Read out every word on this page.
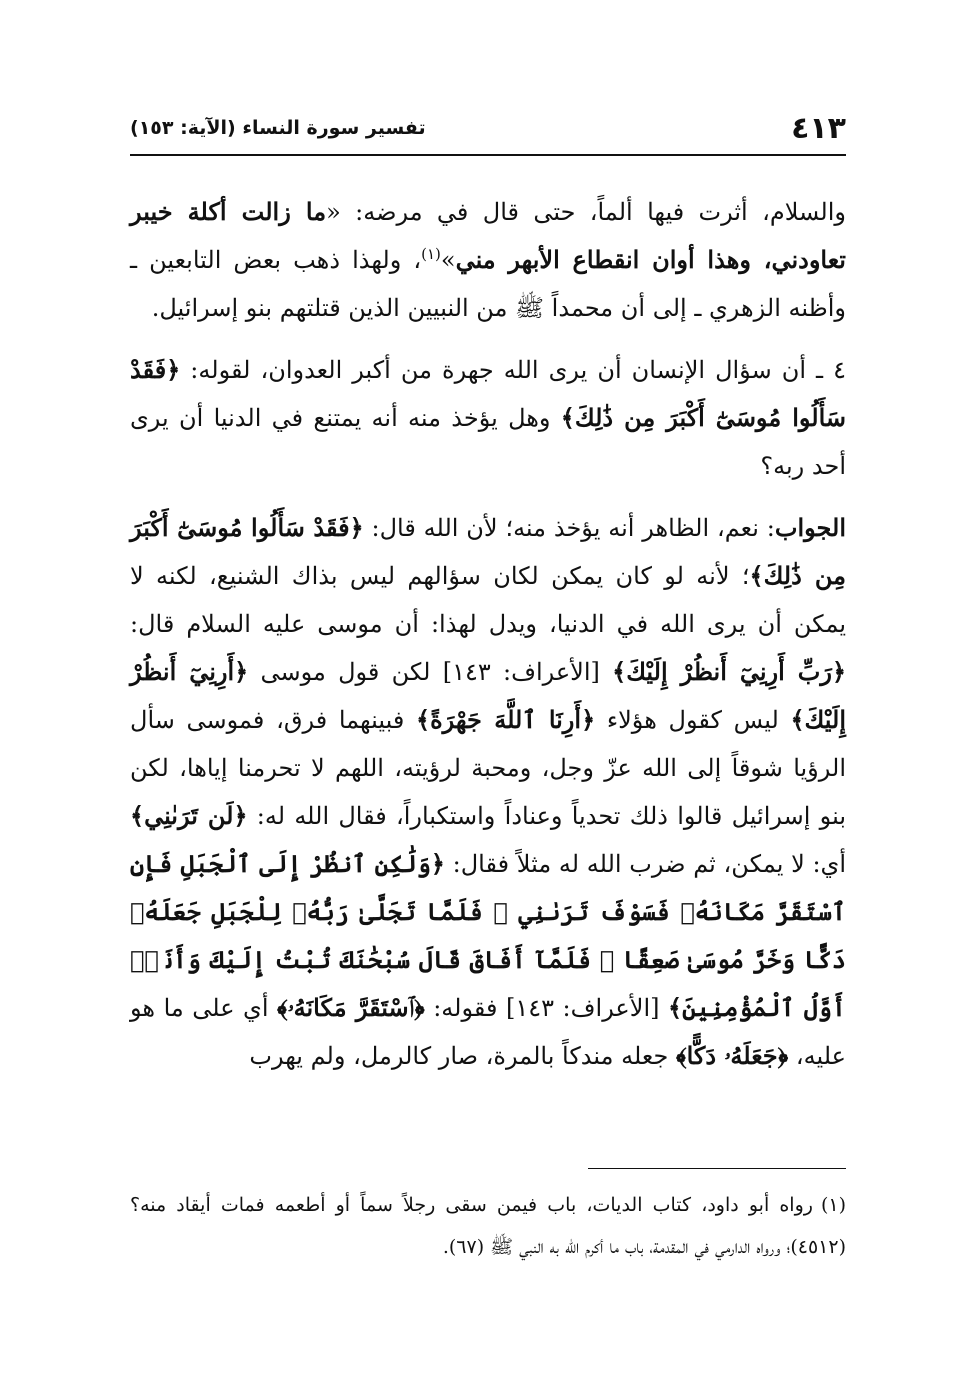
تفسير سورة النساء (الآية: ١٥٣)	٤١٣

والسلام، أثرت فيها ألماً، حتى قال في مرضه: «ما زالت أكلة خيبر تعاودني، وهذا أوان انقطاع الأبهر مني»$^{(١)}$، ولهذا ذهب بعض التابعين ـ وأظنه الزهري ـ إلى أن محمداً ﷺ من النبيين الذين قتلتهم بنو إسرائيل.

٤ ـ أن سؤال الإنسان أن يرى الله جهرة من أكبر العدوان، لقوله: ﴿فَقَدْ سَأَلُوا مُوسَىٰٓ أَكْبَرَ مِن ذَٰلِكَ﴾ وهل يؤخذ منه أنه يمتنع في الدنيا أن يرى أحد ربه؟

الجواب: نعم، الظاهر أنه يؤخذ منه؛ لأن الله قال: ﴿فَقَدْ سَأَلُوا مُوسَىٰٓ أَكْبَرَ مِن ذَٰلِكَ﴾؛ لأنه لو كان يمكن لكان سؤالهم ليس بذاك الشنيع، لكنه لا يمكن أن يرى الله في الدنيا، ويدل لهذا: أن موسى عليه السلام قال: ﴿رَبِّ أَرِنِيٓ أَنظُرْ إِلَيْكَ﴾ [الأعراف: ١٤٣] لكن قول موسى ﴿أَرِنِيٓ أَنظُرْ إِلَيْكَ﴾ ليس كقول هؤلاء ﴿أَرِنَا ٱللَّهَ جَهْرَةً﴾ فبينهما فرق، فموسى سأل الرؤيا شوقاً إلى الله عزّ وجل، ومحبة لرؤيته، اللهم لا تحرمنا إياها، لكن بنو إسرائيل قالوا ذلك تحدياً وعناداً واستكباراً، فقال الله له: ﴿لَن تَرَىٰنِي﴾ أي: لا يمكن، ثم ضرب الله له مثلاً فقال: ﴿وَلَٰكِنِ ٱنظُرْ إِلَى ٱلْجَبَلِ فَإِنِ ٱسْتَقَرَّ مَكَانَهُۥ فَسَوْفَ تَرَىٰنِي ۚ فَلَمَّا تَجَلَّىٰ رَبُّهُۥ لِلْجَبَلِ جَعَلَهُۥ دَكًّا وَخَرَّ مُوسَىٰ صَعِقًا ۚ فَلَمَّآ أَفَاقَ قَالَ سُبْحَٰنَكَ تُبْتُ إِلَيْكَ وَأَنَا۠ أَوَّلُ ٱلْمُؤْمِنِينَ﴾ [الأعراف: ١٤٣] فقوله: ﴿ٱسْتَقَرَّ مَكَانَهُۥ﴾ أي على ما هو عليه، ﴿جَعَلَهُۥ دَكًّا﴾ جعله مندكاً بالمرة، صار كالرمل، ولم يهرب

(١)رواه أبو داود، كتاب الديات، باب فيمن سقى رجلاً سماً أو أطعمه فمات أيقاد منه؟ (٤٥١٢)؛ ورواه الدارمي في المقدمة، باب ما أكرم الله به النبي ﷺ (٦٧).
